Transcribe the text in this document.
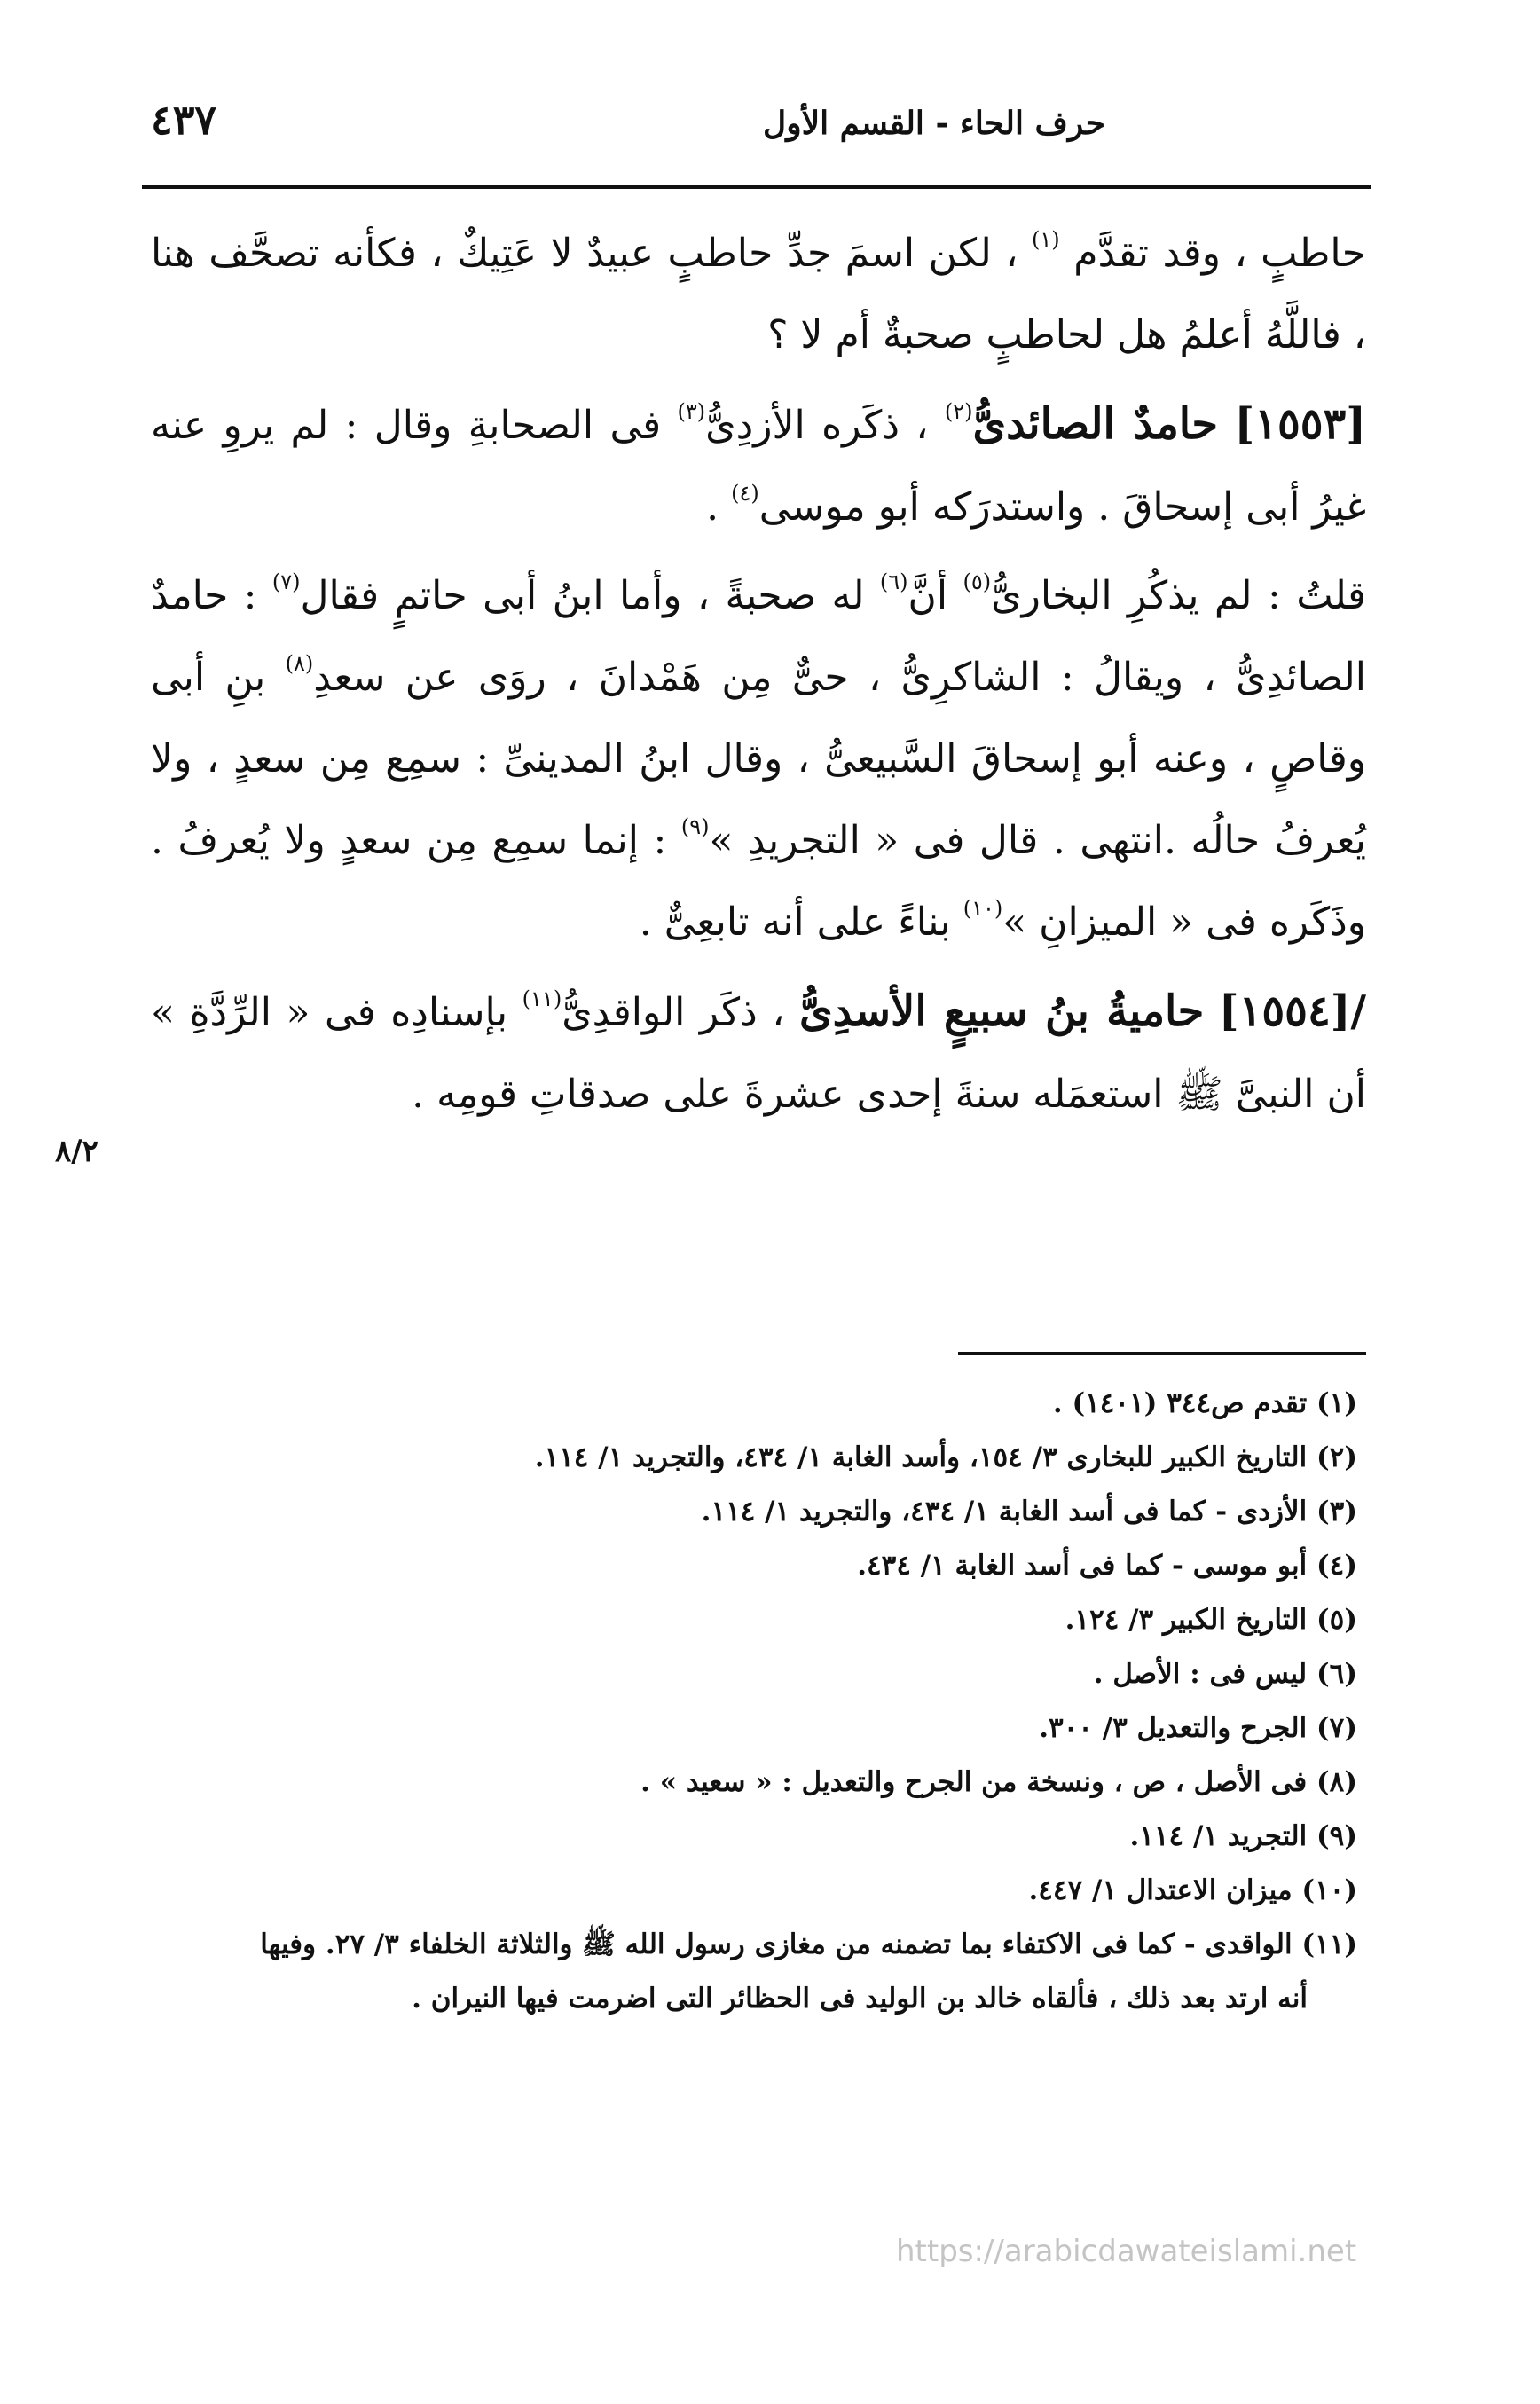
حرف الحاء - القسم الأول
٤٣٧
٨/٢

حاطبٍ ، وقد تقدَّم $^{(١)}$ ، لكن اسمَ جدِّ حاطبٍ عبيدٌ لا عَتِيكٌ ، فكأنه تصحَّف هنا ، فاللَّهُ أعلمُ هل لحاطبٍ صحبةٌ أم لا ؟

[١٥٥٣] حامدٌ الصائدىُّ$^{(٢)}$ ، ذكَره الأزدِىُّ$^{(٣)}$ فى الصحابةِ وقال : لم يروِ عنه غيرُ أبى إسحاقَ . واستدرَكه أبو موسى$^{(٤)}$ .

قلتُ : لم يذكُرِ البخارىُّ$^{(٥)}$ أنَّ$^{(٦)}$ له صحبةً ، وأما ابنُ أبى حاتمٍ فقال$^{(٧)}$ : حامدٌ الصائدِىُّ ، ويقالُ : الشاكرِىُّ ، حىٌّ مِن هَمْدانَ ، روَى عن سعدِ$^{(٨)}$ بنِ أبى وقاصٍ ، وعنه أبو إسحاقَ السَّبيعىُّ ، وقال ابنُ المدينىِّ : سمِع مِن سعدٍ ، ولا يُعرفُ حالُه .انتهى . قال فى « التجريدِ »$^{(٩)}$ : إنما سمِع مِن سعدٍ ولا يُعرفُ . وذَكَره فى « الميزانِ »$^{(١٠)}$ بناءً على أنه تابعِىٌّ .

/[١٥٥٤] حاميةُ بنُ سبيعٍ الأسدِىُّ ، ذكَر الواقدِىُّ$^{(١١)}$ بإسنادِه فى « الرِّدَّةِ » أن النبىَّ ﷺ استعمَله سنةَ إحدى عشرةَ على صدقاتِ قومِه .

(١) تقدم ص٣٤٤ (١٤٠١) .

(٢) التاريخ الكبير للبخارى ٣/ ١٥٤، وأسد الغابة ١/ ٤٣٤، والتجريد ١/ ١١٤.

(٣) الأزدى - كما فى أسد الغابة ١/ ٤٣٤، والتجريد ١/ ١١٤.

(٤) أبو موسى - كما فى أسد الغابة ١/ ٤٣٤.

(٥) التاريخ الكبير ٣/ ١٢٤.

(٦) ليس فى : الأصل .

(٧) الجرح والتعديل ٣/ ٣٠٠.

(٨) فى الأصل ، ص ، ونسخة من الجرح والتعديل : « سعيد » .

(٩) التجريد ١/ ١١٤.

(١٠) ميزان الاعتدال ١/ ٤٤٧.

(١١) الواقدى - كما فى الاكتفاء بما تضمنه من مغازى رسول الله ﷺ والثلاثة الخلفاء ٣/ ٢٧. وفيها

أنه ارتد بعد ذلك ، فألقاه خالد بن الوليد فى الحظائر التى اضرمت فيها النيران .

https://arabicdawateislami.net
